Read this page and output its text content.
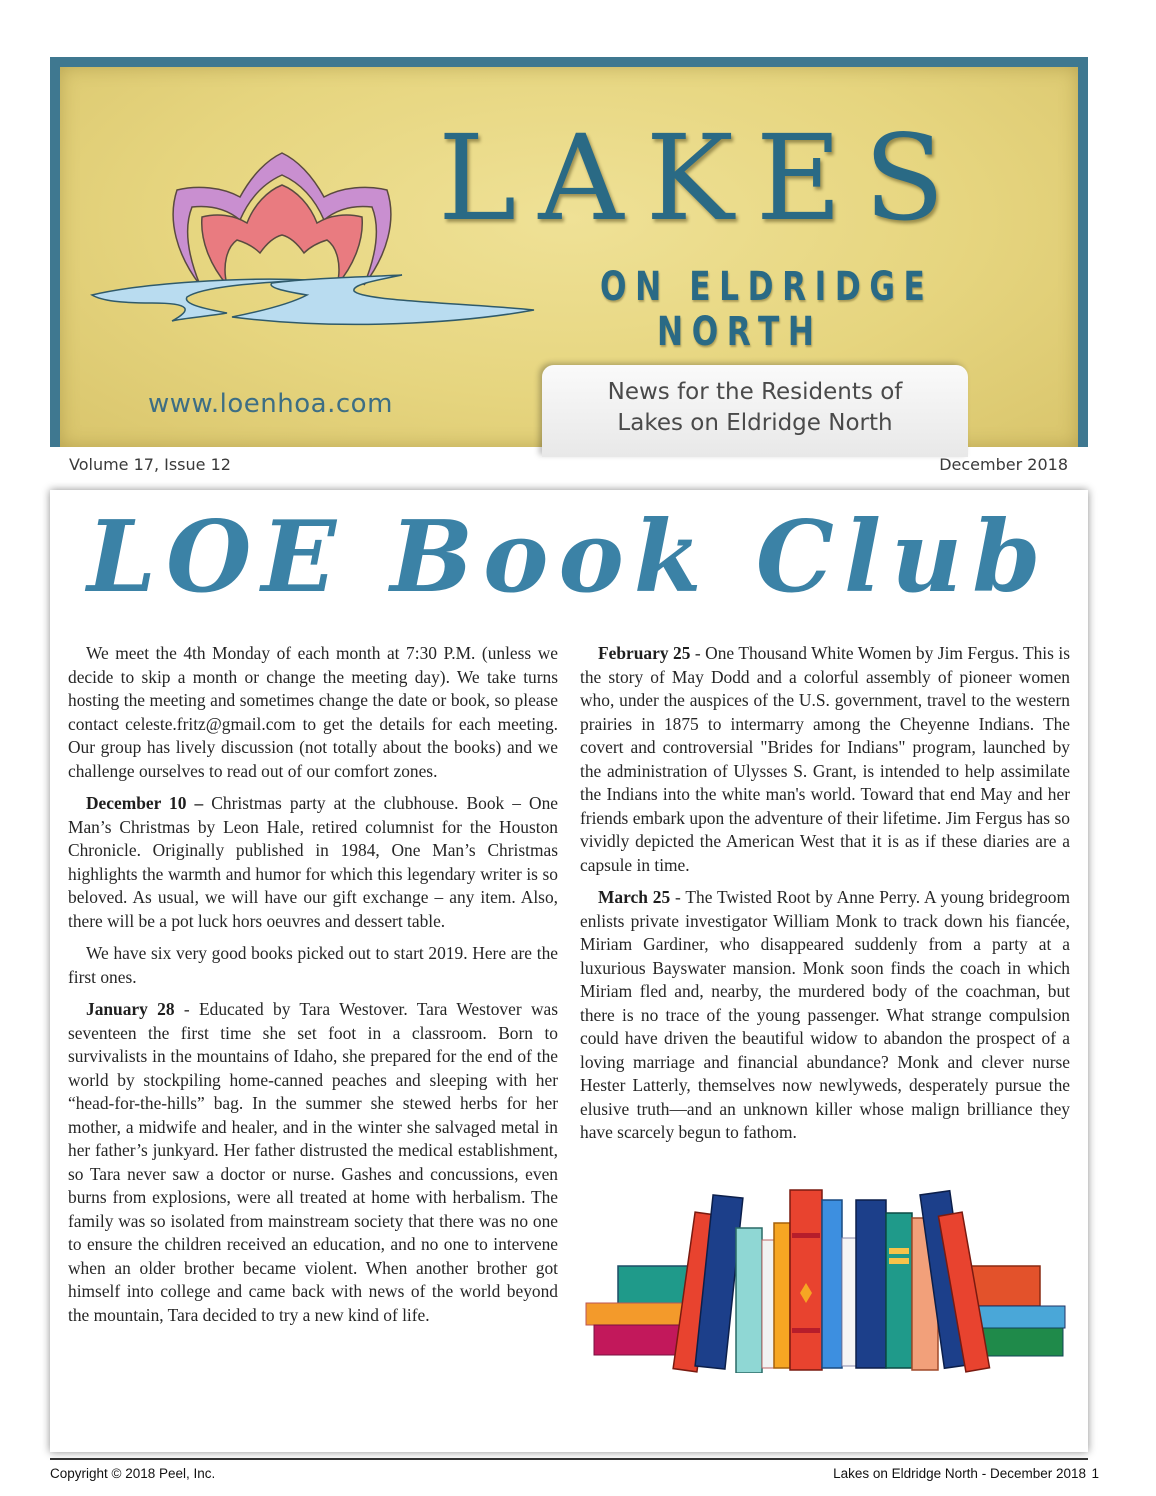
LAKES
ON ELDRIDGE
NORTH
www.loenhoa.com	News for the Residents of
Lakes on Eldridge North
Volume 17, Issue 12	December 2018
LOE Book Club

We meet the 4th Monday of each month at 7:30 P.M. (unless we decide to skip a month or change the meeting day). We take turns hosting the meeting and sometimes change the date or book, so please contact celeste.fritz@gmail.com to get the details for each meeting. Our group has lively discussion (not totally about the books) and we challenge ourselves to read out of our comfort zones.

December 10 – Christmas party at the clubhouse. Book – One Man’s Christmas by Leon Hale, retired columnist for the Houston Chronicle. Originally published in 1984, One Man’s Christmas highlights the warmth and humor for which this legendary writer is so beloved. As usual, we will have our gift exchange – any item. Also, there will be a pot luck hors oeuvres and dessert table.

We have six very good books picked out to start 2019. Here are the first ones.

January 28 - Educated by Tara Westover. Tara Westover was seventeen the first time she set foot in a classroom. Born to survivalists in the mountains of Idaho, she prepared for the end of the world by stockpiling home-canned peaches and sleeping with her “head-for-the-hills” bag. In the summer she stewed herbs for her mother, a midwife and healer, and in the winter she salvaged metal in her father’s junkyard. Her father distrusted the medical establishment, so Tara never saw a doctor or nurse. Gashes and concussions, even burns from explosions, were all treated at home with herbalism. The family was so isolated from mainstream society that there was no one to ensure the children received an education, and no one to intervene when an older brother became violent. When another brother got himself into college and came back with news of the world beyond the mountain, Tara decided to try a new kind of life.

February 25 - One Thousand White Women by Jim Fergus. This is the story of May Dodd and a colorful assembly of pioneer women who, under the auspices of the U.S. government, travel to the western prairies in 1875 to intermarry among the Cheyenne Indians. The covert and controversial "Brides for Indians" program, launched by the administration of Ulysses S. Grant, is intended to help assimilate the Indians into the white man's world. Toward that end May and her friends embark upon the adventure of their lifetime. Jim Fergus has so vividly depicted the American West that it is as if these diaries are a capsule in time.

March 25 - The Twisted Root by Anne Perry. A young bridegroom enlists private investigator William Monk to track down his fiancée, Miriam Gardiner, who disappeared suddenly from a party at a luxurious Bayswater mansion. Monk soon finds the coach in which Miriam fled and, nearby, the murdered body of the coachman, but there is no trace of the young passenger. What strange compulsion could have driven the beautiful widow to abandon the prospect of a loving marriage and financial abundance? Monk and clever nurse Hester Latterly, themselves now newlyweds, desperately pursue the elusive truth—and an unknown killer whose malign brilliance they have scarcely begun to fathom.

Copyright © 2018 Peel, Inc.	Lakes on Eldridge North - December 2018 1
